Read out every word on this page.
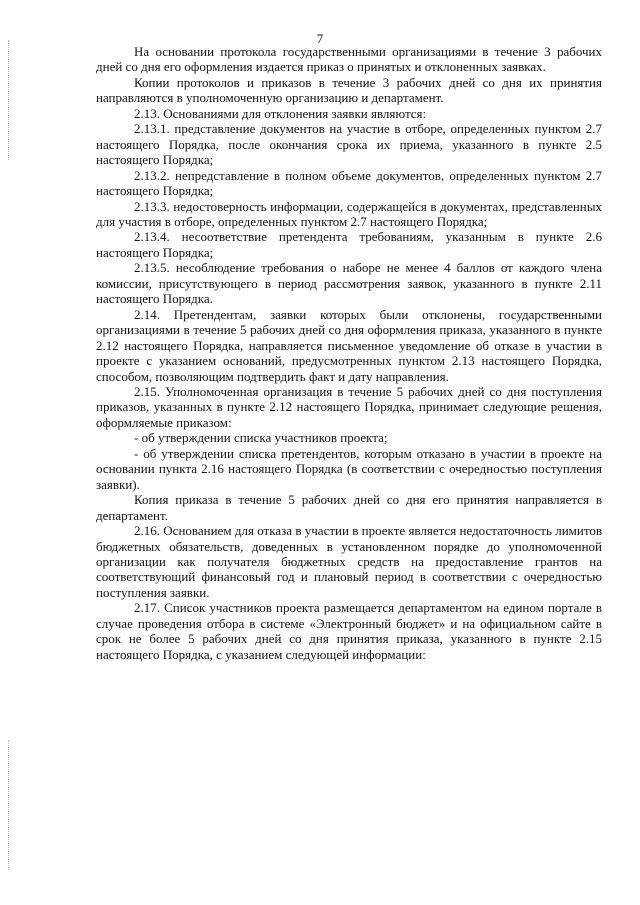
7

На основании протокола государственными организациями в течение 3 рабочих дней со дня его оформления издается приказ о принятых и отклоненных заявках.

Копии протоколов и приказов в течение 3 рабочих дней со дня их принятия направляются в уполномоченную организацию и департамент.

2.13. Основаниями для отклонения заявки являются:

2.13.1. представление документов на участие в отборе, определенных пунктом 2.7 настоящего Порядка, после окончания срока их приема, указанного в пункте 2.5 настоящего Порядка;

2.13.2. непредставление в полном объеме документов, определенных пунктом 2.7 настоящего Порядка;

2.13.3. недостоверность информации, содержащейся в документах, представленных для участия в отборе, определенных пунктом 2.7 настоящего Порядка;

2.13.4. несоответствие претендента требованиям, указанным в пункте 2.6 настоящего Порядка;

2.13.5. несоблюдение требования о наборе не менее 4 баллов от каждого члена комиссии, присутствующего в период рассмотрения заявок, указанного в пункте 2.11 настоящего Порядка.

2.14. Претендентам, заявки которых были отклонены, государственными организациями в течение 5 рабочих дней со дня оформления приказа, указанного в пункте 2.12 настоящего Порядка, направляется письменное уведомление об отказе в участии в проекте с указанием оснований, предусмотренных пунктом 2.13 настоящего Порядка, способом, позволяющим подтвердить факт и дату направления.

2.15. Уполномоченная организация в течение 5 рабочих дней со дня поступления приказов, указанных в пункте 2.12 настоящего Порядка, принимает следующие решения, оформляемые приказом:

- об утверждении списка участников проекта;

- об утверждении списка претендентов, которым отказано в участии в проекте на основании пункта 2.16 настоящего Порядка (в соответствии с очередностью поступления заявки).

Копия приказа в течение 5 рабочих дней со дня его принятия направляется в департамент.

2.16. Основанием для отказа в участии в проекте является недостаточность лимитов бюджетных обязательств, доведенных в установленном порядке до уполномоченной организации как получателя бюджетных средств на предоставление грантов на соответствующий финансовый год и плановый период в соответствии с очередностью поступления заявки.

2.17. Список участников проекта размещается департаментом на едином портале в случае проведения отбора в системе «Электронный бюджет» и на официальном сайте в срок не более 5 рабочих дней со дня принятия приказа, указанного в пункте 2.15 настоящего Порядка, с указанием следующей информации:
